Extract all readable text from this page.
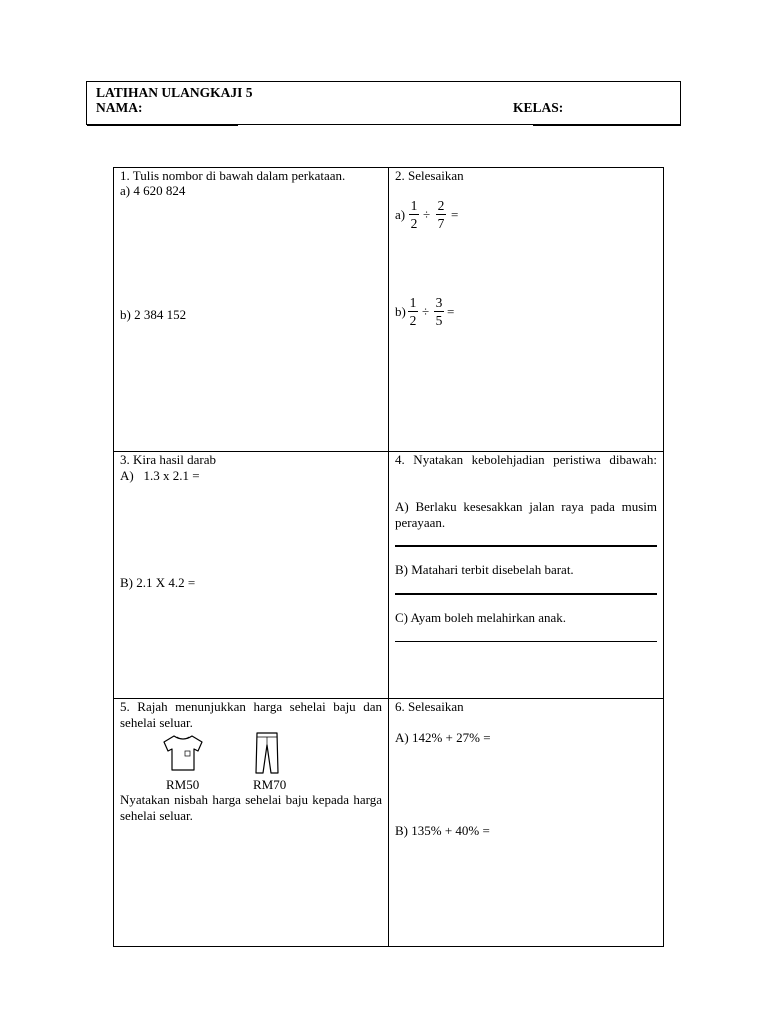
LATIHAN ULANGKAJI 5
NAMA:	KELAS:
1. Tulis nombor di bawah dalam perkataan.
a) 4 620 824
b) 2 384 152
2. Selesaikan
a)
1
2
÷
2
7
=
b)
1
2
÷
3
5
=
3. Kira hasil darab
A)   1.3 x 2.1 =
B) 2.1 X 4.2 =
4. Nyatakan kebolehjadian peristiwa dibawah:
A) Berlaku kesesakkan jalan raya pada musim perayaan.
B) Matahari terbit disebelah barat.
C) Ayam boleh melahirkan anak.
5. Rajah menunjukkan harga sehelai baju dan sehelai seluar.
RM50	RM70
Nyatakan nisbah harga sehelai baju kepada harga sehelai seluar.
6. Selesaikan
A) 142% + 27% =
B) 135% + 40% =
